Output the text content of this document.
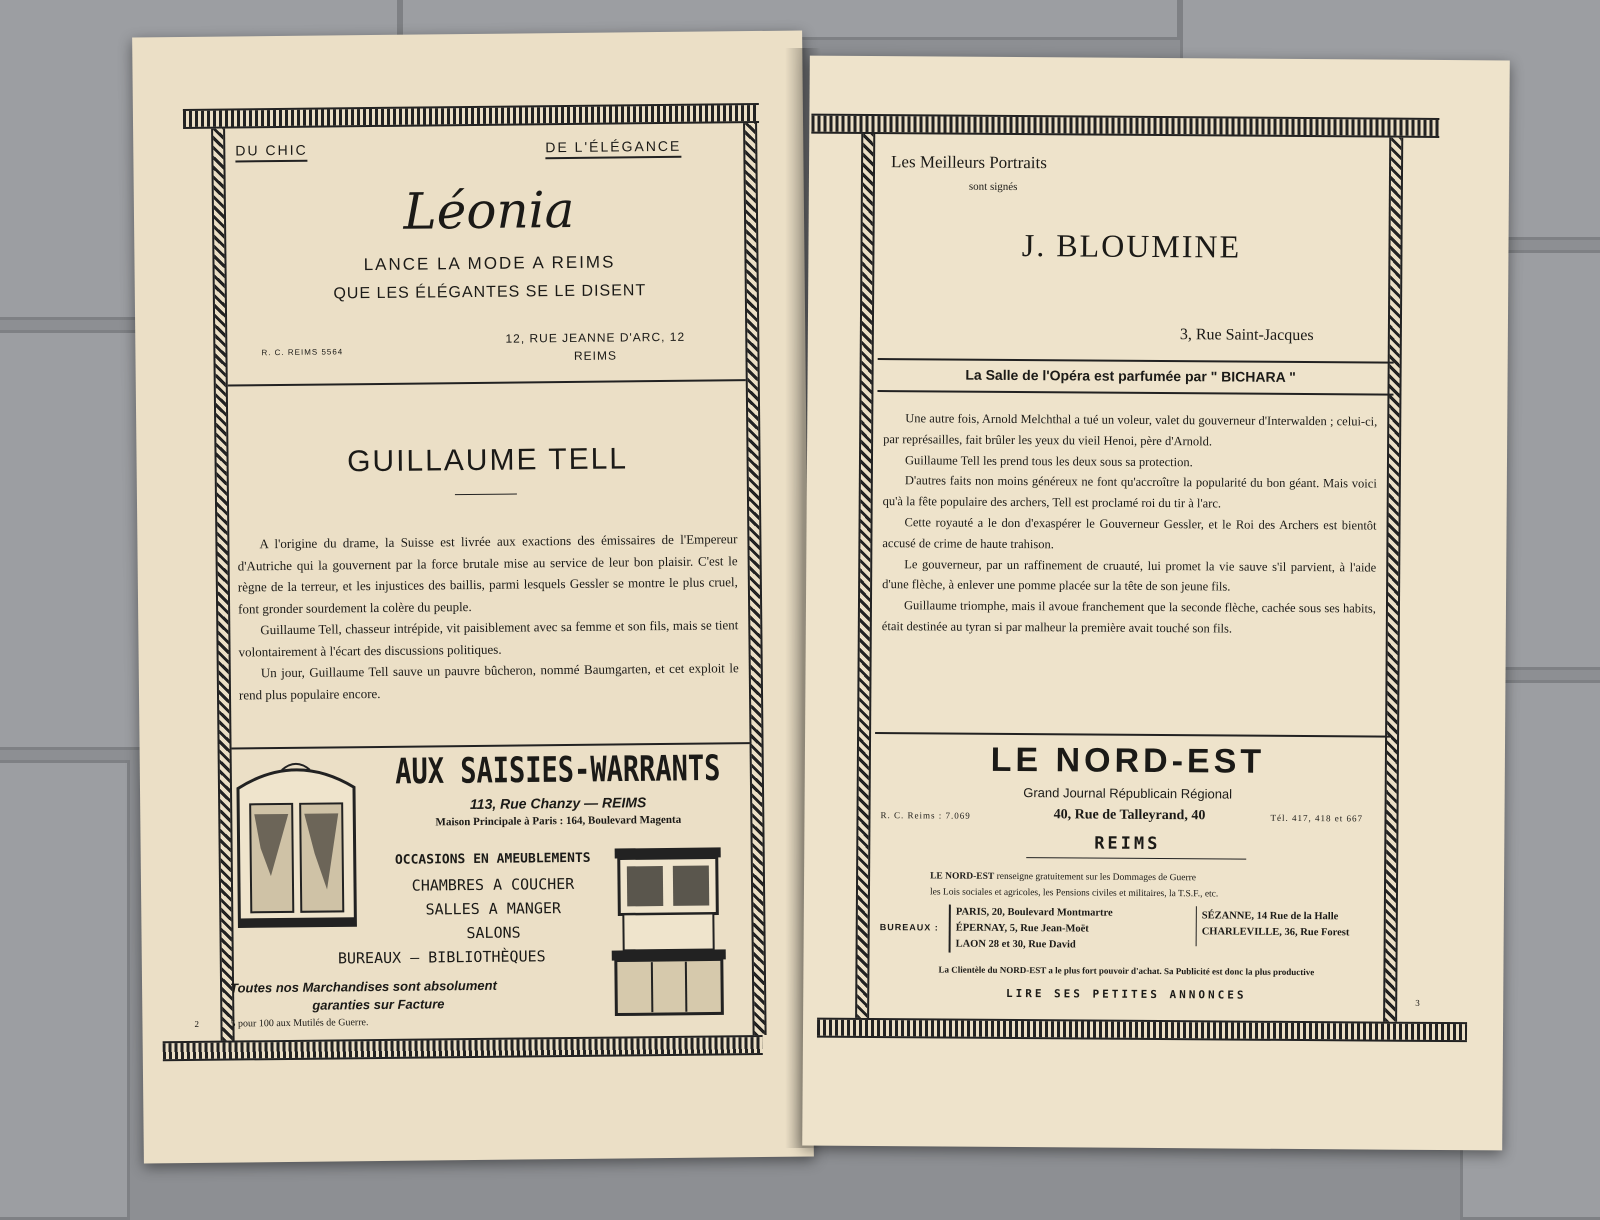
DU CHIC	DE L'ÉLÉGANCE
Léonia
LANCE LA MODE A REIMS
QUE LES ÉLÉGANTES SE LE DISENT
R. C. REIMS 5564
12, RUE JEANNE D'ARC, 12
REIMS
GUILLAUME TELL

A l'origine du drame, la Suisse est livrée aux exactions des émissaires de l'Empereur d'Autriche qui la gouvernent par la force brutale mise au service de leur bon plaisir. C'est le règne de la terreur, et les injustices des baillis, parmi lesquels Gessler se montre le plus cruel, font gronder sourdement la colère du peuple.

Guillaume Tell, chasseur intrépide, vit paisiblement avec sa femme et son fils, mais se tient volontairement à l'écart des discussions politiques.

Un jour, Guillaume Tell sauve un pauvre bûcheron, nommé Baumgarten, et cet exploit le rend plus populaire encore.

AUX SAISIES-WARRANTS
113, Rue Chanzy — REIMS
Maison Principale à Paris : 164, Boulevard Magenta
OCCASIONS EN AMEUBLEMENTS
CHAMBRES A COUCHER
SALLES A MANGER
SALONS
BUREAUX — BIBLIOTHÈQUES
Toutes nos Marchandises sont absolument
garanties sur Facture
5 pour 100 aux Mutilés de Guerre.
2
Les Meilleurs Portraits
sont signés
J. BLOUMINE
3, Rue Saint-Jacques
La Salle de l'Opéra est parfumée par " BICHARA "

Une autre fois, Arnold Melchthal a tué un voleur, valet du gouverneur d'Interwalden ; celui-ci, par représailles, fait brûler les yeux du vieil Henoi, père d'Arnold.

Guillaume Tell les prend tous les deux sous sa protection.

D'autres faits non moins généreux ne font qu'accroître la popularité du bon géant. Mais voici qu'à la fête populaire des archers, Tell est proclamé roi du tir à l'arc.

Cette royauté a le don d'exaspérer le Gouverneur Gessler, et le Roi des Archers est bientôt accusé de crime de haute trahison.

Le gouverneur, par un raffinement de cruauté, lui promet la vie sauve s'il parvient, à l'aide d'une flèche, à enlever une pomme placée sur la tête de son jeune fils.

Guillaume triomphe, mais il avoue franchement que la seconde flèche, cachée sous ses habits, était destinée au tyran si par malheur la première avait touché son fils.

LE NORD-EST
Grand Journal Républicain Régional
R. C. Reims : 7.069	40, Rue de Talleyrand, 40	Tél. 417, 418 et 667
REIMS
LE NORD-EST renseigne gratuitement sur les Dommages de Guerre
les Lois sociales et agricoles, les Pensions civiles et militaires, la T.S.F., etc.
BUREAUX :
PARIS, 20, Boulevard Montmartre
ÉPERNAY, 5, Rue Jean-Moët
LAON 28 et 30, Rue David
SÉZANNE, 14 Rue de la Halle
CHARLEVILLE, 36, Rue Forest
La Clientèle du NORD-EST a le plus fort pouvoir d'achat. Sa Publicité est donc la plus productive
LIRE SES PETITES ANNONCES
3
